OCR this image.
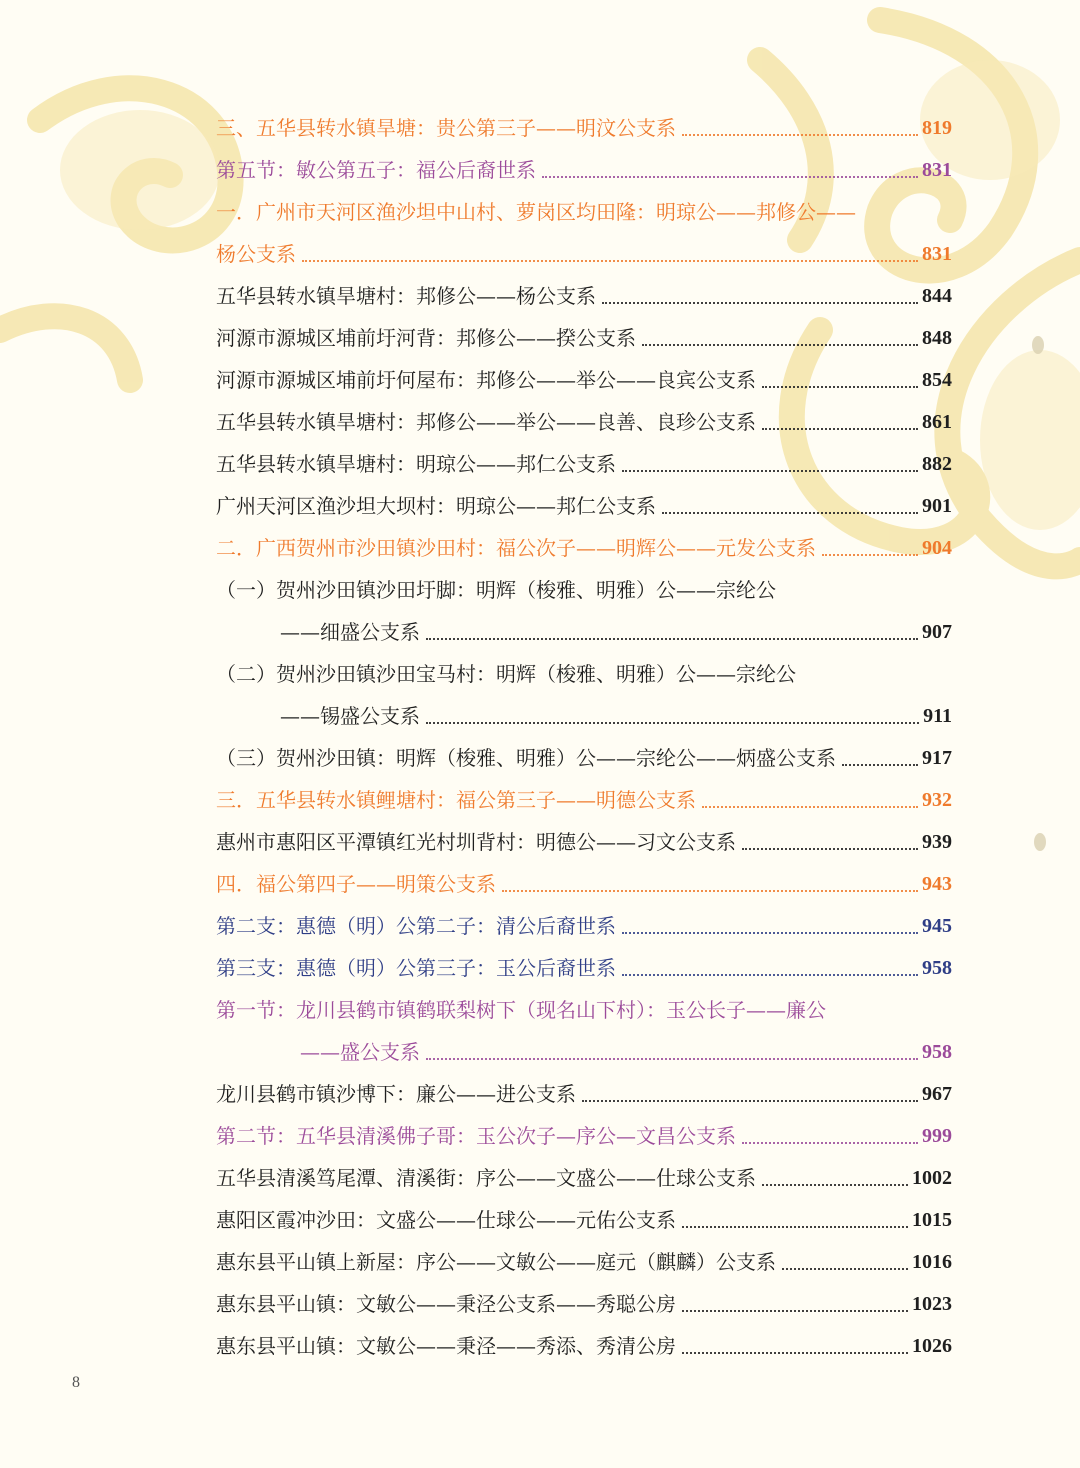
三、五华县转水镇旱塘：贵公第三子——明汶公支系	819
第五节：敏公第五子：福公后裔世系	831
一．广州市天河区渔沙坦中山村、萝岗区均田隆：明琼公——邦修公——
杨公支系	831
五华县转水镇旱塘村：邦修公——杨公支系	844
河源市源城区埔前圩河背：邦修公——揆公支系	848
河源市源城区埔前圩何屋布：邦修公——举公——良宾公支系	854
五华县转水镇旱塘村：邦修公——举公——良善、良珍公支系	861
五华县转水镇旱塘村：明琼公——邦仁公支系	882
广州天河区渔沙坦大坝村：明琼公——邦仁公支系	901
二．广西贺州市沙田镇沙田村：福公次子——明辉公——元发公支系	904
（一）贺州沙田镇沙田圩脚：明辉（梭雅、明雅）公——宗纶公
——细盛公支系	907
（二）贺州沙田镇沙田宝马村：明辉（梭雅、明雅）公——宗纶公
——锡盛公支系	911
（三）贺州沙田镇：明辉（梭雅、明雅）公——宗纶公——炳盛公支系	917
三．五华县转水镇鲤塘村：福公第三子——明德公支系	932
惠州市惠阳区平潭镇红光村圳背村：明德公——习文公支系	939
四．福公第四子——明策公支系	943
第二支：惠德（明）公第二子：清公后裔世系	945
第三支：惠德（明）公第三子：玉公后裔世系	958
第一节：龙川县鹤市镇鹤联梨树下（现名山下村）：玉公长子——廉公
——盛公支系	958
龙川县鹤市镇沙博下：廉公——进公支系	967
第二节：五华县清溪佛子哥：玉公次子—序公—文昌公支系	999
五华县清溪笃尾潭、清溪街：序公——文盛公——仕球公支系	1002
惠阳区霞冲沙田：文盛公——仕球公——元佑公支系	1015
惠东县平山镇上新屋：序公——文敏公——庭元（麒麟）公支系	1016
惠东县平山镇：文敏公——秉泾公支系——秀聪公房	1023
惠东县平山镇：文敏公——秉泾——秀添、秀清公房	1026
8
